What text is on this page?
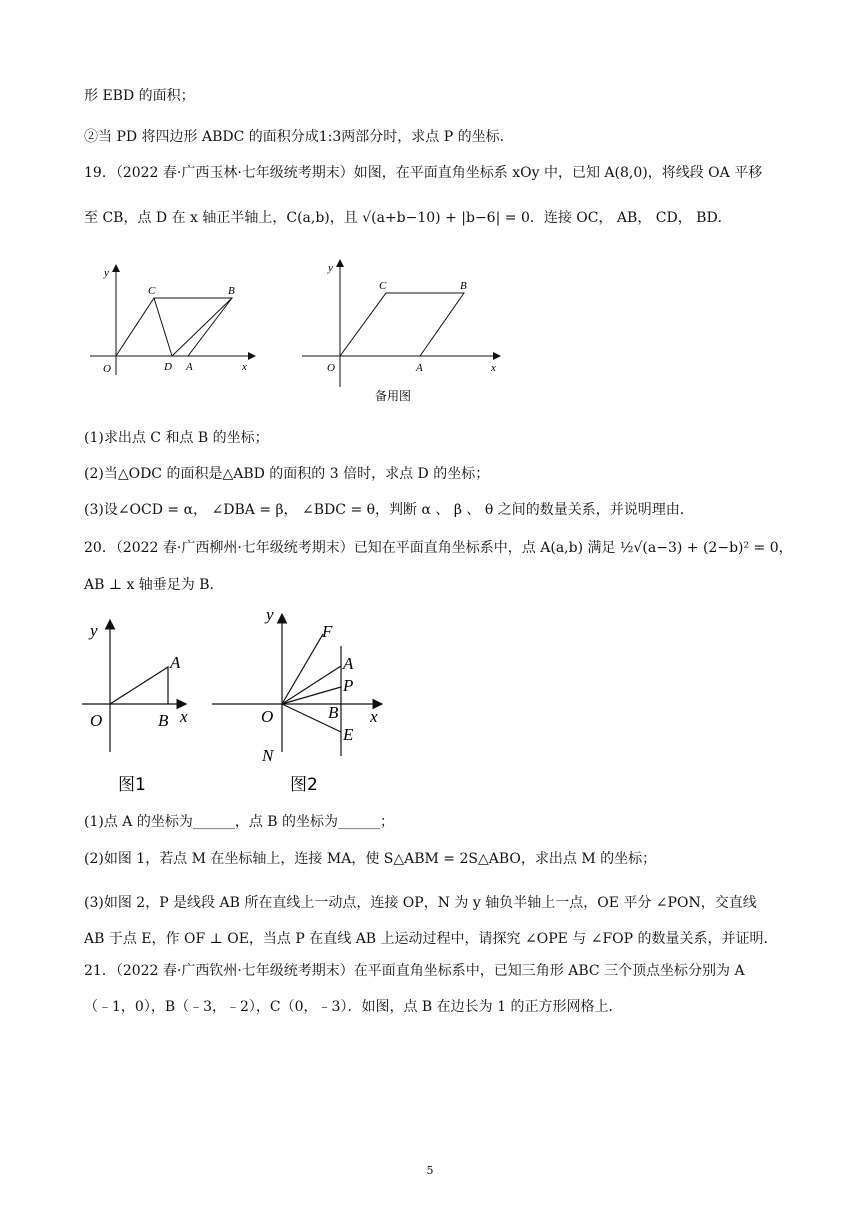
形 EBD 的面积；
②当 PD 将四边形 ABDC 的面积分成1:3两部分时，求点 P 的坐标．
19．（2022 春·广西玉林·七年级统考期末）如图，在平面直角坐标系 xOy 中，已知 A(8,0)，将线段 OA 平移
至 CB，点 D 在 x 轴正半轴上，C(a,b)，且 √(a+b−10) + |b−6| = 0．连接 OC， AB， CD， BD．
y
x
O
C	B
D A
y
x
O
C	B
A
备用图
(1)求出点 C 和点 B 的坐标；
(2)当△ODC 的面积是△ABD 的面积的 3 倍时，求点 D 的坐标；
(3)设∠OCD = α， ∠DBA = β， ∠BDC = θ，判断 α 、 β 、 θ 之间的数量关系，并说明理由．
20．（2022 春·广西柳州·七年级统考期末）已知在平面直角坐标系中，点 A(a,b) 满足 ½√(a−3) + (2−b)² = 0，
AB ⊥ x 轴垂足为 B．
y
x
O
A
B
图1
y
x
O
F
A
P
B
E
N
图2
(1)点 A 的坐标为______，点 B 的坐标为______；
(2)如图 1，若点 M 在坐标轴上，连接 MA，使 S△ABM = 2S△ABO，求出点 M 的坐标；
(3)如图 2，P 是线段 AB 所在直线上一动点，连接 OP，N 为 y 轴负半轴上一点，OE 平分 ∠PON，交直线
AB 于点 E，作 OF ⊥ OE，当点 P 在直线 AB 上运动过程中，请探究 ∠OPE 与 ∠FOP 的数量关系，并证明．
21．（2022 春·广西钦州·七年级统考期末）在平面直角坐标系中，已知三角形 ABC 三个顶点坐标分别为 A
（﹣1，0），B（﹣3，﹣2），C（0，﹣3）．如图，点 B 在边长为 1 的正方形网格上．
5
